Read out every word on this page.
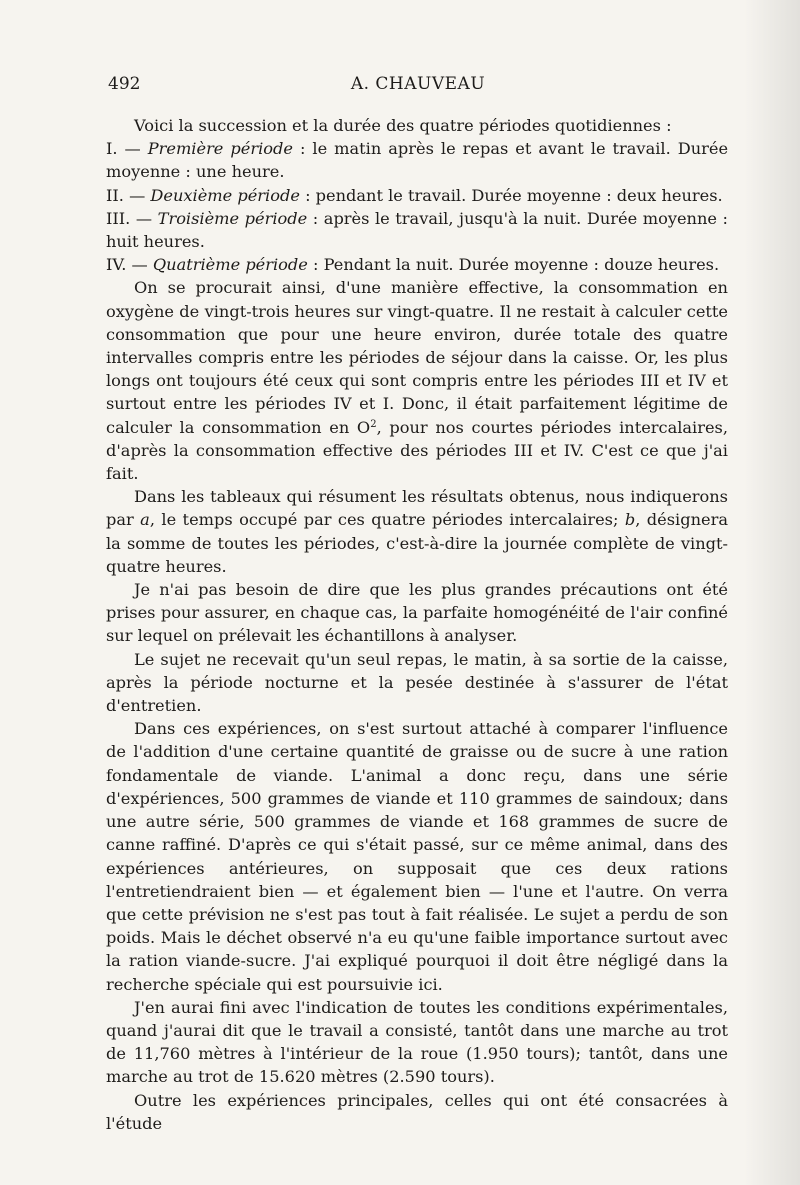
492	A. CHAUVEAU

Voici la succession et la durée des quatre périodes quotidiennes :

I. — Première période : le matin après le repas et avant le travail. Durée moyenne : une heure.

II. — Deuxième période : pendant le travail. Durée moyenne : deux heures.

III. — Troisième période : après le travail, jusqu'à la nuit. Durée moyenne : huit heures.

IV. — Quatrième période : Pendant la nuit. Durée moyenne : douze heures.

On se procurait ainsi, d'une manière effective, la consommation en oxygène de vingt-trois heures sur vingt-quatre. Il ne restait à calculer cette consommation que pour une heure environ, durée totale des quatre intervalles compris entre les périodes de séjour dans la caisse. Or, les plus longs ont toujours été ceux qui sont compris entre les périodes III et IV et surtout entre les périodes IV et I. Donc, il était parfaitement légitime de calculer la consommation en $O^2$, pour nos courtes périodes intercalaires, d'après la consommation effective des périodes III et IV. C'est ce que j'ai fait.

Dans les tableaux qui résument les résultats obtenus, nous indiquerons par a, le temps occupé par ces quatre périodes intercalaires; b, désignera la somme de toutes les périodes, c'est-à-dire la journée complète de vingt-quatre heures.

Je n'ai pas besoin de dire que les plus grandes précautions ont été prises pour assurer, en chaque cas, la parfaite homogénéité de l'air confiné sur lequel on prélevait les échantillons à analyser.

Le sujet ne recevait qu'un seul repas, le matin, à sa sortie de la caisse, après la période nocturne et la pesée destinée à s'assurer de l'état d'entretien.

Dans ces expériences, on s'est surtout attaché à comparer l'influence de l'addition d'une certaine quantité de graisse ou de sucre à une ration fondamentale de viande. L'animal a donc reçu, dans une série d'expériences, 500 grammes de viande et 110 grammes de saindoux; dans une autre série, 500 grammes de viande et 168 grammes de sucre de canne raffiné. D'après ce qui s'était passé, sur ce même animal, dans des expériences antérieures, on supposait que ces deux rations l'entretiendraient bien — et également bien — l'une et l'autre. On verra que cette prévision ne s'est pas tout à fait réalisée. Le sujet a perdu de son poids. Mais le déchet observé n'a eu qu'une faible importance surtout avec la ration viande-sucre. J'ai expliqué pourquoi il doit être négligé dans la recherche spéciale qui est poursuivie ici.

J'en aurai fini avec l'indication de toutes les conditions expérimentales, quand j'aurai dit que le travail a consisté, tantôt dans une marche au trot de 11,760 mètres à l'intérieur de la roue (1.950 tours); tantôt, dans une marche au trot de 15.620 mètres (2.590 tours).

Outre les expériences principales, celles qui ont été consacrées à l'étude
